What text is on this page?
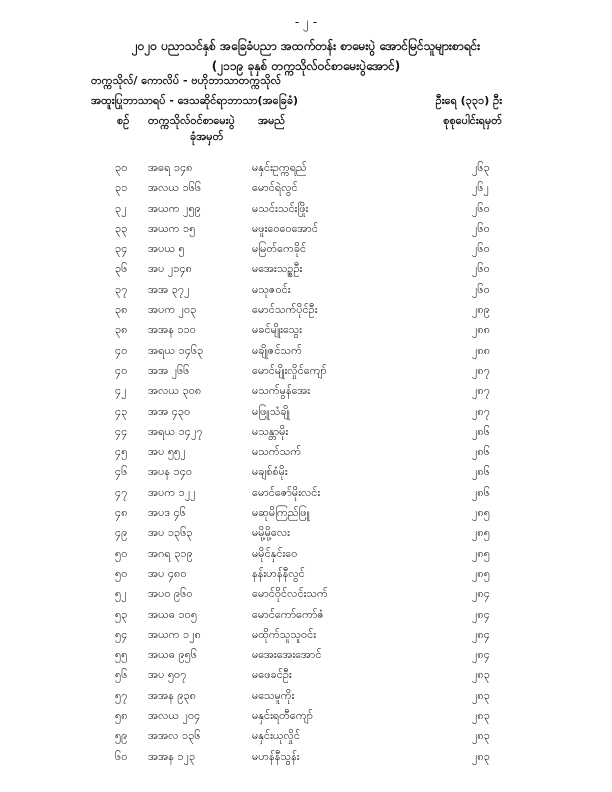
- ၂ -
၂၀၂၀ ပညာသင်နှစ် အခြေခံပညာ အထက်တန်း စာမေးပွဲ အောင်မြင်သူများစာရင်း
(၂၁၁၉ ခုနှစ် တက္ကသိုလ်ဝင်စာမေးပွဲအောင်)
တက္ကသိုလ်/ ကောလိပ် - ဗဟိုဘာသာတက္ကသိုလ်
အထူးပြုဘာသာရပ် - ဒေသဆိုင်ရာဘာသာ(အခြေခံ)	ဦးရေ (၃၃၁) ဦး
စဉ် တက္ကသိုလ်ဝင်စာမေးပွဲ
ခုံအမှတ်
အမည်	စုစုပေါင်းရမှတ်
၃၀ အရေ ၁၄၈	မနှင်းဥက္ကရည်	၂၆၃
၃၁ အလယ ၁၆၆	မောင်ရဲလွင်	၂၆၂
၃၂ အယက ၂၅၉	မသင်းသင်းဖြိုး	၂၆၀
၃၃ အယက ၁၅	မဖူးဝေဝေအောင်	၂၆၀
၃၄ အပယ ၅	မမြတ်ကေခိုင်	၂၆၀
၃၆ အပ ၂၁၄၈	မအေးသဉ္စဦး	၂၆၀
၃၇ အအ ၃၇၂	မသုဇဝင်း	၂၆၀
၃၈ အပက ၂၀၃	မောင်သက်ပိုင်ဦး	၂၈၉
၃၈ အအန ၁၁၀	မခင်မျိုးသွေး	၂၈၈
၄၀ အရယ ၁၄၆၃	မချိုဇင်သက်	၂၈၈
၄၀ အအ ၂၆၆	မောင်မျိုးလှိုင်ကျော်	၂၈၇
၄၂ အလယ ၃၀၈	မသက်မွန်အေး	၂၈၇
၄၃ အအ ၄၃၀	မဖြူသံချို	၂၈၇
၄၄ အရယ ၁၄၂၇	မသန္တာမိုး	၂၈၆
၄၅ အပ ၅၅၂	မသက်သက်	၂၈၆
၄၆ အပန ၁၄၀	မချစ်စံမိုး	၂၈၆
၄၇ အပက ၁၂၂	မောင်ဇော်မိုးလင်း	၂၈၆
၄၈ အပဒ ၄၆	မဆုမိကြည်ဖြူ	၂၈၅
၄၉ အပ ၁၃၆၃	မမို့မို့လေး	၂၈၅
၅၀ အဂရ ၃၁၉	မမိုင်နှင်းဝေ	၂၈၅
၅၀ အပ ၄၈၀	နန်းဟန်နီလွင်	၂၈၅
၅၂ အပဝ ၉၆၀	မောင်ဝိုင်လင်းသက်	၂၈၄
၅၃ အယဓ ၁၀၅	မောင်ကော်ကော်ဇံ	၂၈၄
၅၄ အယက ၁၂၈	မထိုက်သူသူဝင်း	၂၈၄
၅၅ အယဓ ၉၅၆	မအေးအေးအောင်	၂၈၄
၅၆ အပ ၅၀၇	မဖေခင်ဦး	၂၈၃
၅၇ အအန ၉၃၈	မသေမူကိုး	၂၈၃
၅၈ အလယ ၂၀၄	မနှင်းရတီကျော်	၂၈၃
၅၉ အအလ ၁၃၆	မနှင်းယုလှိုင်	၂၈၃
၆၀ အအန ၁၂၃	မဟန်နီသွန်း	၂၈၃
